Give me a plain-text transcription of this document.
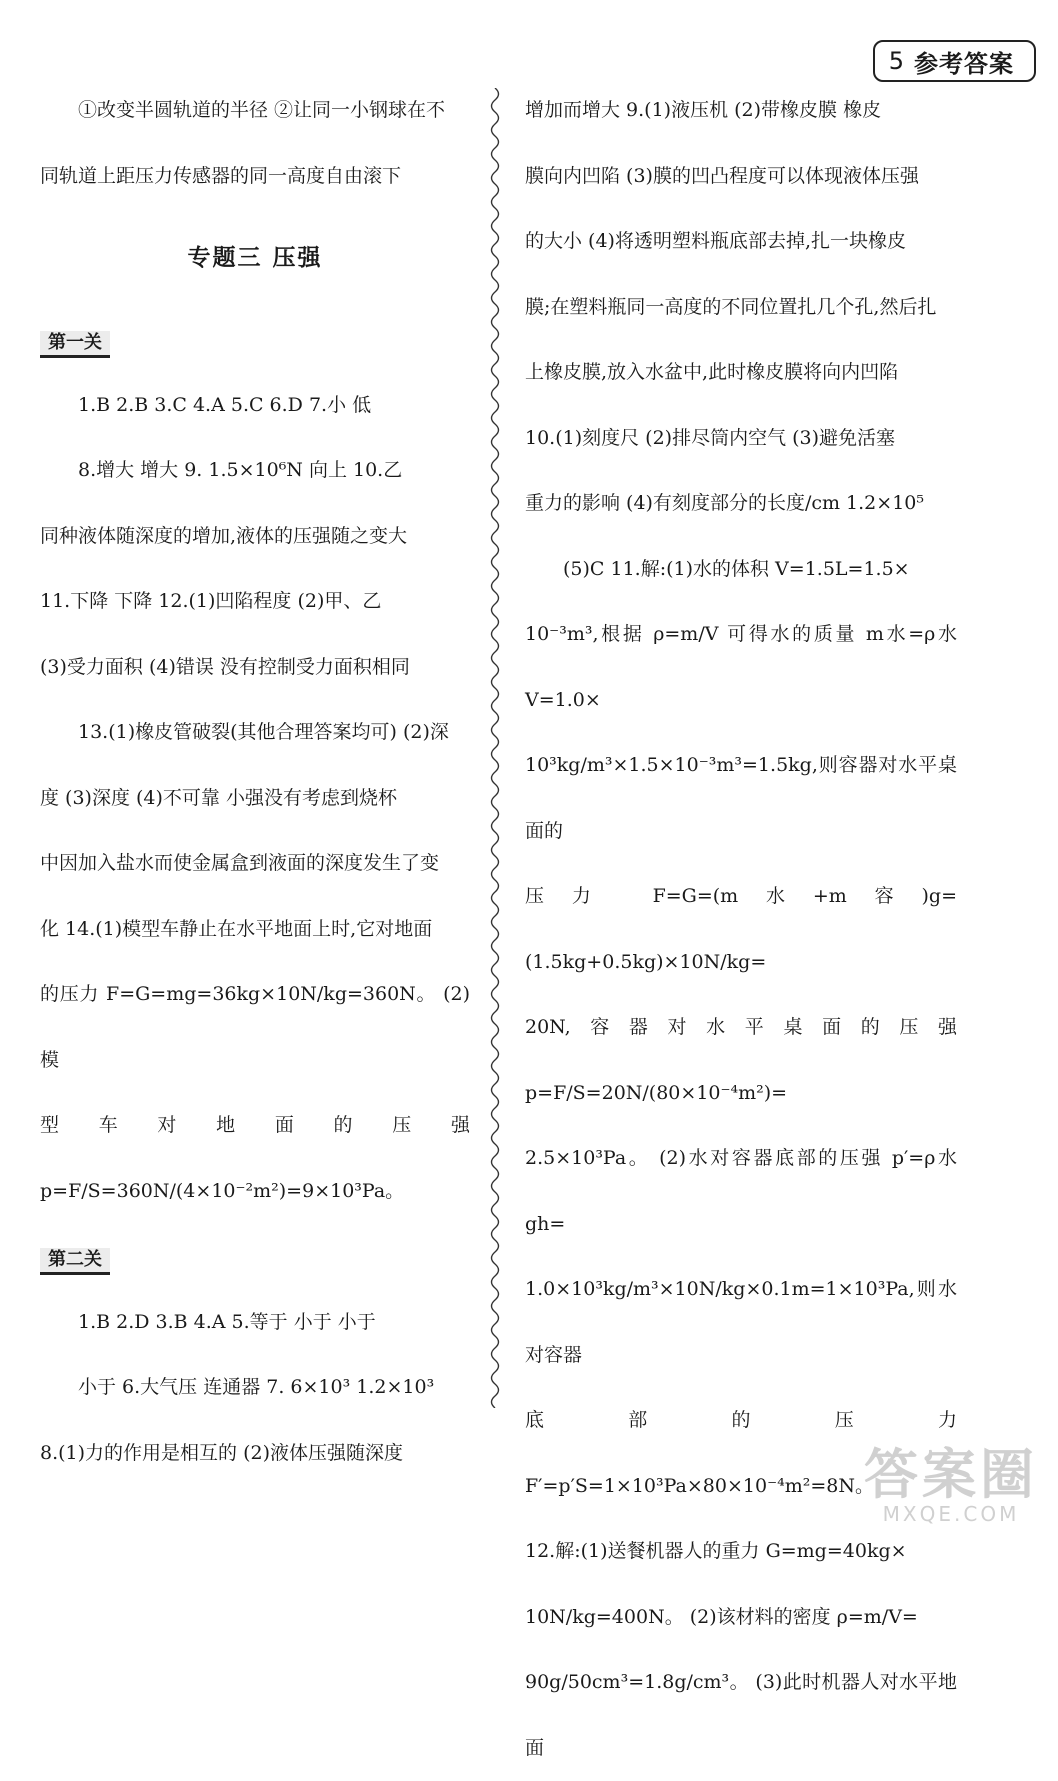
5 参考答案

①改变半圆轨道的半径 ②让同一小钢球在不

同轨道上距压力传感器的同一高度自由滚下

专题三 压强

第一关

1.B 2.B 3.C 4.A 5.C 6.D 7.小 低

8.增大 增大 9. 1.5×10⁶N 向上 10.乙

同种液体随深度的增加,液体的压强随之变大

11.下降 下降 12.(1)凹陷程度 (2)甲、乙

(3)受力面积 (4)错误 没有控制受力面积相同

13.(1)橡皮管破裂(其他合理答案均可) (2)深

度 (3)深度 (4)不可靠 小强没有考虑到烧杯

中因加入盐水而使金属盒到液面的深度发生了变

化 14.(1)模型车静止在水平地面上时,它对地面

的压力 F=G=mg=36kg×10N/kg=360N。 (2)模

型车对地面的压强 p=F/S=360N/(4×10⁻²m²)=9×10³Pa。

第二关

1.B 2.D 3.B 4.A 5.等于 小于 小于

小于 6.大气压 连通器 7. 6×10³ 1.2×10³

8.(1)力的作用是相互的 (2)液体压强随深度

增加而增大 9.(1)液压机 (2)带橡皮膜 橡皮

膜向内凹陷 (3)膜的凹凸程度可以体现液体压强

的大小 (4)将透明塑料瓶底部去掉,扎一块橡皮

膜;在塑料瓶同一高度的不同位置扎几个孔,然后扎

上橡皮膜,放入水盆中,此时橡皮膜将向内凹陷

10.(1)刻度尺 (2)排尽筒内空气 (3)避免活塞

重力的影响 (4)有刻度部分的长度/cm 1.2×10⁵

(5)C 11.解:(1)水的体积 V=1.5L=1.5×

10⁻³m³,根据 ρ=m/V 可得水的质量 m水=ρ水V=1.0×

10³kg/m³×1.5×10⁻³m³=1.5kg,则容器对水平桌面的

压力 F=G=(m水+m容)g=(1.5kg+0.5kg)×10N/kg=

20N,容器对水平桌面的压强 p=F/S=20N/(80×10⁻⁴m²)=

2.5×10³Pa。 (2)水对容器底部的压强 p′=ρ水gh=

1.0×10³kg/m³×10N/kg×0.1m=1×10³Pa,则水对容器

底部的压力 F′=p′S=1×10³Pa×80×10⁻⁴m²=8N。

12.解:(1)送餐机器人的重力 G=mg=40kg×

10N/kg=400N。 (2)该材料的密度 ρ=m/V=

90g/50cm³=1.8g/cm³。 (3)此时机器人对水平地面

答案圈
MXQE.COM
